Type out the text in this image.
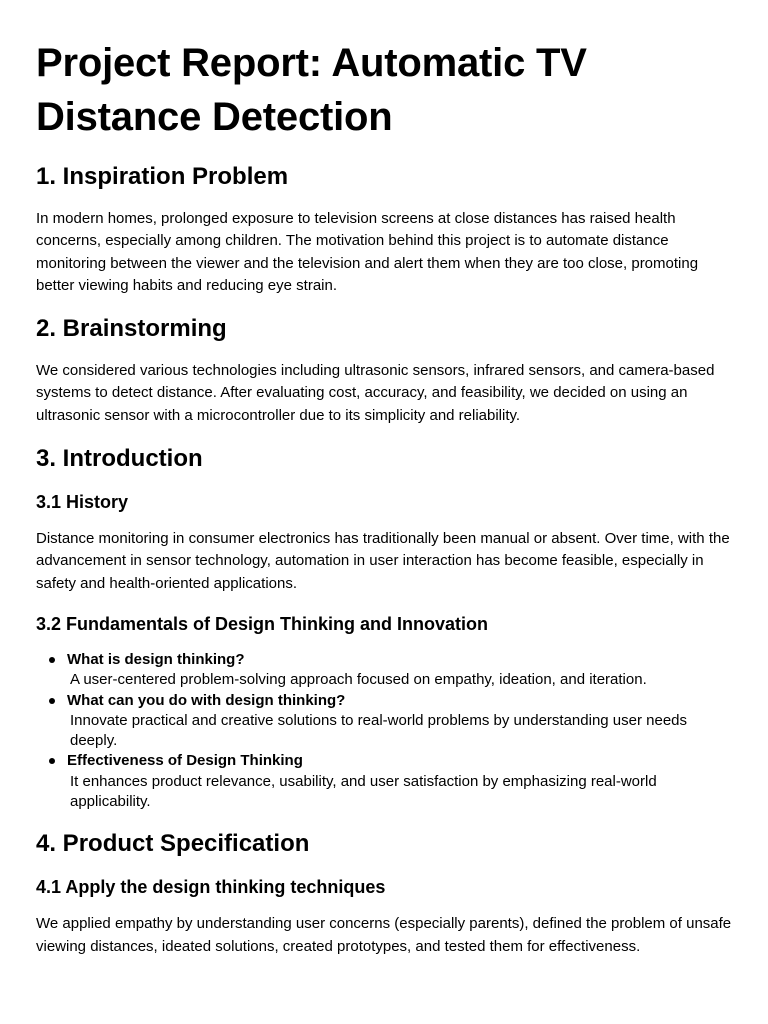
Project Report: Automatic TV Distance Detection
1. Inspiration Problem

In modern homes, prolonged exposure to television screens at close distances has raised health concerns, especially among children. The motivation behind this project is to automate distance monitoring between the viewer and the television and alert them when they are too close, promoting better viewing habits and reducing eye strain.

2. Brainstorming

We considered various technologies including ultrasonic sensors, infrared sensors, and camera-based systems to detect distance. After evaluating cost, accuracy, and feasibility, we decided on using an ultrasonic sensor with a microcontroller due to its simplicity and reliability.

3. Introduction
3.1 History

Distance monitoring in consumer electronics has traditionally been manual or absent. Over time, with the advancement in sensor technology, automation in user interaction has become feasible, especially in safety and health-oriented applications.

3.2 Fundamentals of Design Thinking and Innovation
What is design thinking?
A user-centered problem-solving approach focused on empathy, ideation, and iteration.
What can you do with design thinking?
Innovate practical and creative solutions to real-world problems by understanding user needs deeply.
Effectiveness of Design Thinking
It enhances product relevance, usability, and user satisfaction by emphasizing real-world applicability.
4. Product Specification
4.1 Apply the design thinking techniques

We applied empathy by understanding user concerns (especially parents), defined the problem of unsafe viewing distances, ideated solutions, created prototypes, and tested them for effectiveness.
